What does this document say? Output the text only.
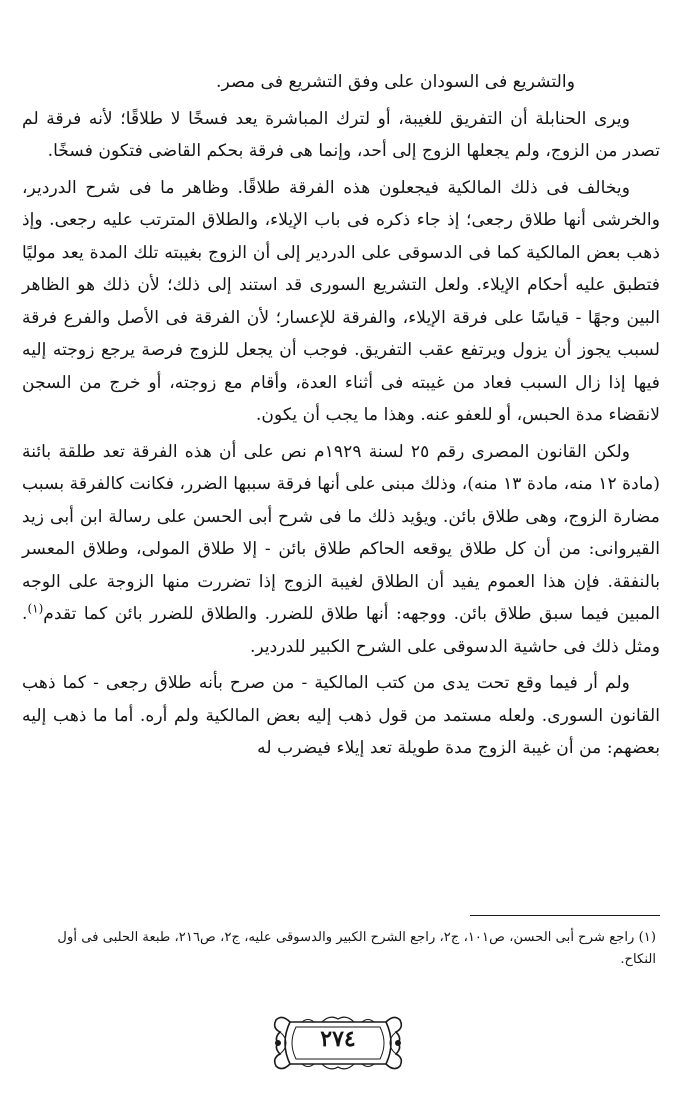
والتشريع فى السودان على وفق التشريع فى مصر.

ويرى الحنابلة أن التفريق للغيبة، أو لترك المباشرة يعد فسخًا لا طلاقًا؛ لأنه فرقة لم تصدر من الزوج، ولم يجعلها الزوج إلى أحد، وإنما هى فرقة بحكم القاضى فتكون فسخًا.

ويخالف فى ذلك المالكية فيجعلون هذه الفرقة طلاقًا. وظاهر ما فى شرح الدردير، والخرشى أنها طلاق رجعى؛ إذ جاء ذكره فى باب الإيلاء، والطلاق المترتب عليه رجعى. وإذ ذهب بعض المالكية كما فى الدسوقى على الدردير إلى أن الزوج بغيبته تلك المدة يعد موليًا فتطبق عليه أحكام الإيلاء. ولعل التشريع السورى قد استند إلى ذلك؛ لأن ذلك هو الظاهر البين وجهًا - قياسًا على فرقة الإيلاء، والفرقة للإعسار؛ لأن الفرقة فى الأصل والفرع فرقة لسبب يجوز أن يزول ويرتفع عقب التفريق. فوجب أن يجعل للزوج فرصة يرجع زوجته إليه فيها إذا زال السبب فعاد من غيبته فى أثناء العدة، وأقام مع زوجته، أو خرج من السجن لانقضاء مدة الحبس، أو للعفو عنه. وهذا ما يجب أن يكون.

ولكن القانون المصرى رقم ٢٥ لسنة ١٩٢٩م نص على أن هذه الفرقة تعد طلقة بائنة (مادة ١٢ منه، مادة ١٣ منه)، وذلك مبنى على أنها فرقة سببها الضرر، فكانت كالفرقة بسبب مضارة الزوج، وهى طلاق بائن. ويؤيد ذلك ما فى شرح أبى الحسن على رسالة ابن أبى زيد القيروانى: من أن كل طلاق يوقعه الحاكم طلاق بائن - إلا طلاق المولى، وطلاق المعسر بالنفقة. فإن هذا العموم يفيد أن الطلاق لغيبة الزوج إذا تضررت منها الزوجة على الوجه المبين فيما سبق طلاق بائن. ووجهه: أنها طلاق للضرر. والطلاق للضرر بائن كما تقدم$^{(١)}$. ومثل ذلك فى حاشية الدسوقى على الشرح الكبير للدردير.

ولم أر فيما وقع تحت يدى من كتب المالكية - من صرح بأنه طلاق رجعى - كما ذهب القانون السورى. ولعله مستمد من قول ذهب إليه بعض المالكية ولم أره. أما ما ذهب إليه بعضهم: من أن غيبة الزوج مدة طويلة تعد إيلاء فيضرب له

(١) راجع شرح أبى الحسن، ص١٠١، ج٢، راجع الشرح الكبير والدسوقى عليه، ج٢، ص٢١٦، طبعة الحلبى فى أول النكاح.
٢٧٤
